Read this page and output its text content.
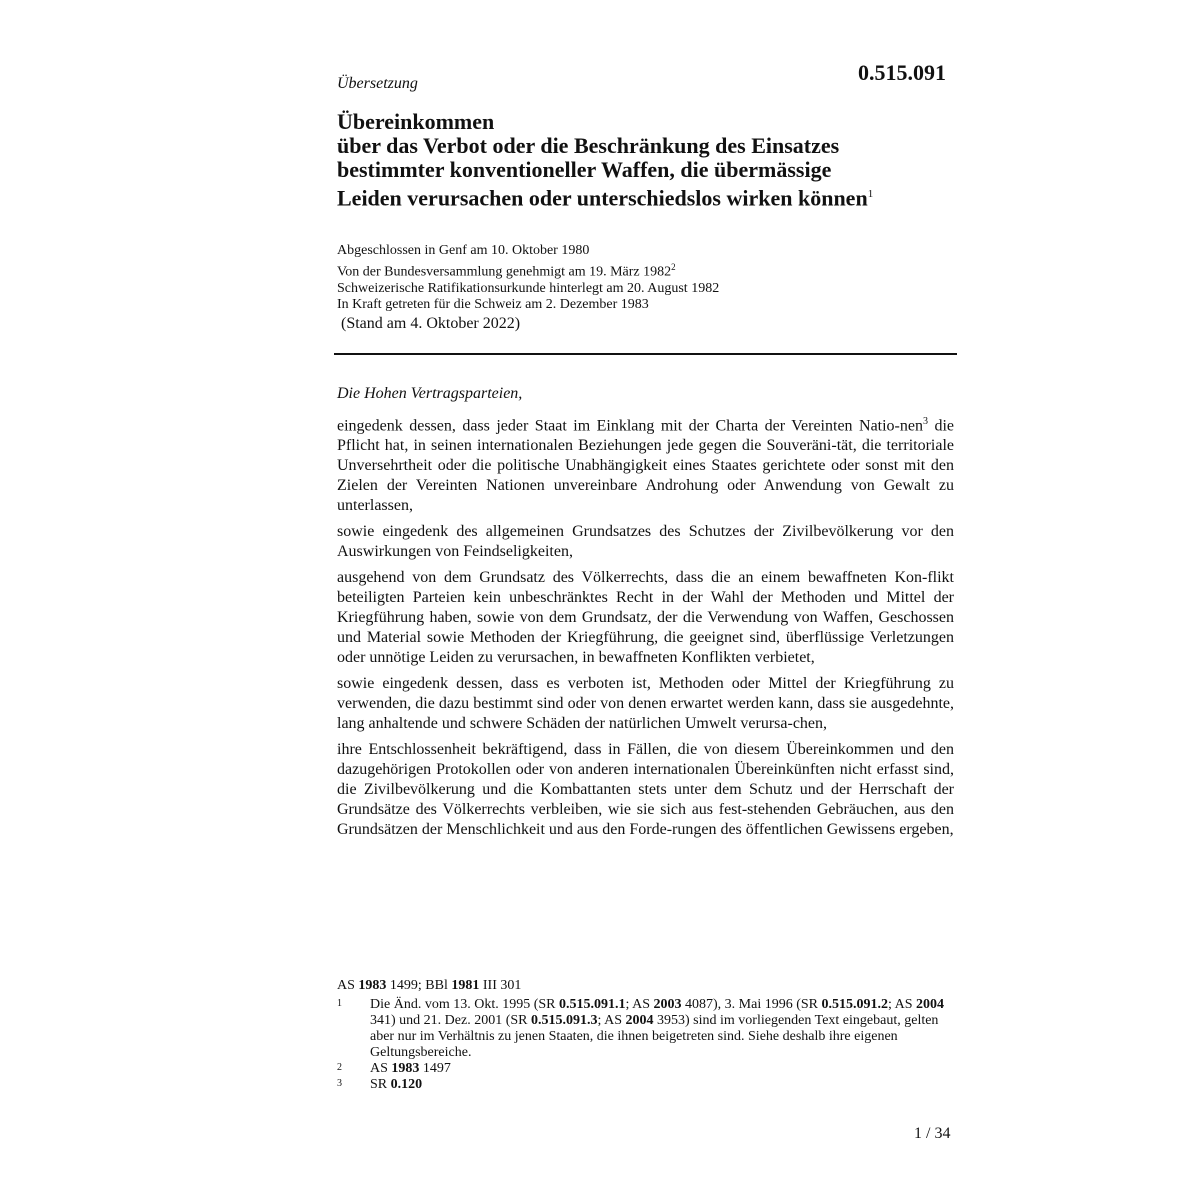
0.515.091
Übersetzung
Übereinkommen
über das Verbot oder die Beschränkung des Einsatzes
bestimmter konventioneller Waffen, die übermässige
Leiden verursachen oder unterschiedslos wirken können$^1$
Abgeschlossen in Genf am 10. Oktober 1980
Von der Bundesversammlung genehmigt am 19. März 1982$^2$
Schweizerische Ratifikationsurkunde hinterlegt am 20. August 1982
In Kraft getreten für die Schweiz am 2. Dezember 1983
(Stand am 4. Oktober 2022)
Die Hohen Vertragsparteien,

eingedenk dessen, dass jeder Staat im Einklang mit der Charta der Vereinten Natio-nen$^3$ die Pflicht hat, in seinen internationalen Beziehungen jede gegen die Souveräni-tät, die territoriale Unversehrtheit oder die politische Unabhängigkeit eines Staates gerichtete oder sonst mit den Zielen der Vereinten Nationen unvereinbare Androhung oder Anwendung von Gewalt zu unterlassen,

sowie eingedenk des allgemeinen Grundsatzes des Schutzes der Zivilbevölkerung vor den Auswirkungen von Feindseligkeiten,

ausgehend von dem Grundsatz des Völkerrechts, dass die an einem bewaffneten Kon-flikt beteiligten Parteien kein unbeschränktes Recht in der Wahl der Methoden und Mittel der Kriegführung haben, sowie von dem Grundsatz, der die Verwendung von Waffen, Geschossen und Material sowie Methoden der Kriegführung, die geeignet sind, überflüssige Verletzungen oder unnötige Leiden zu verursachen, in bewaffneten Konflikten verbietet,

sowie eingedenk dessen, dass es verboten ist, Methoden oder Mittel der Kriegführung zu verwenden, die dazu bestimmt sind oder von denen erwartet werden kann, dass sie ausgedehnte, lang anhaltende und schwere Schäden der natürlichen Umwelt verursa-chen,

ihre Entschlossenheit bekräftigend, dass in Fällen, die von diesem Übereinkommen und den dazugehörigen Protokollen oder von anderen internationalen Übereinkünften nicht erfasst sind, die Zivilbevölkerung und die Kombattanten stets unter dem Schutz und der Herrschaft der Grundsätze des Völkerrechts verbleiben, wie sie sich aus fest-stehenden Gebräuchen, aus den Grundsätzen der Menschlichkeit und aus den Forde-rungen des öffentlichen Gewissens ergeben,

AS 1983 1499; BBl 1981 III 301
1	Die Änd. vom 13. Okt. 1995 (SR 0.515.091.1; AS 2003 4087), 3. Mai 1996 (SR 0.515.091.2; AS 2004 341) und 21. Dez. 2001 (SR 0.515.091.3; AS 2004 3953) sind im vorliegenden Text eingebaut, gelten aber nur im Verhältnis zu jenen Staaten, die ihnen beigetreten sind. Siehe deshalb ihre eigenen Geltungsbereiche.
2	AS 1983 1497
3	SR 0.120
1 / 34
